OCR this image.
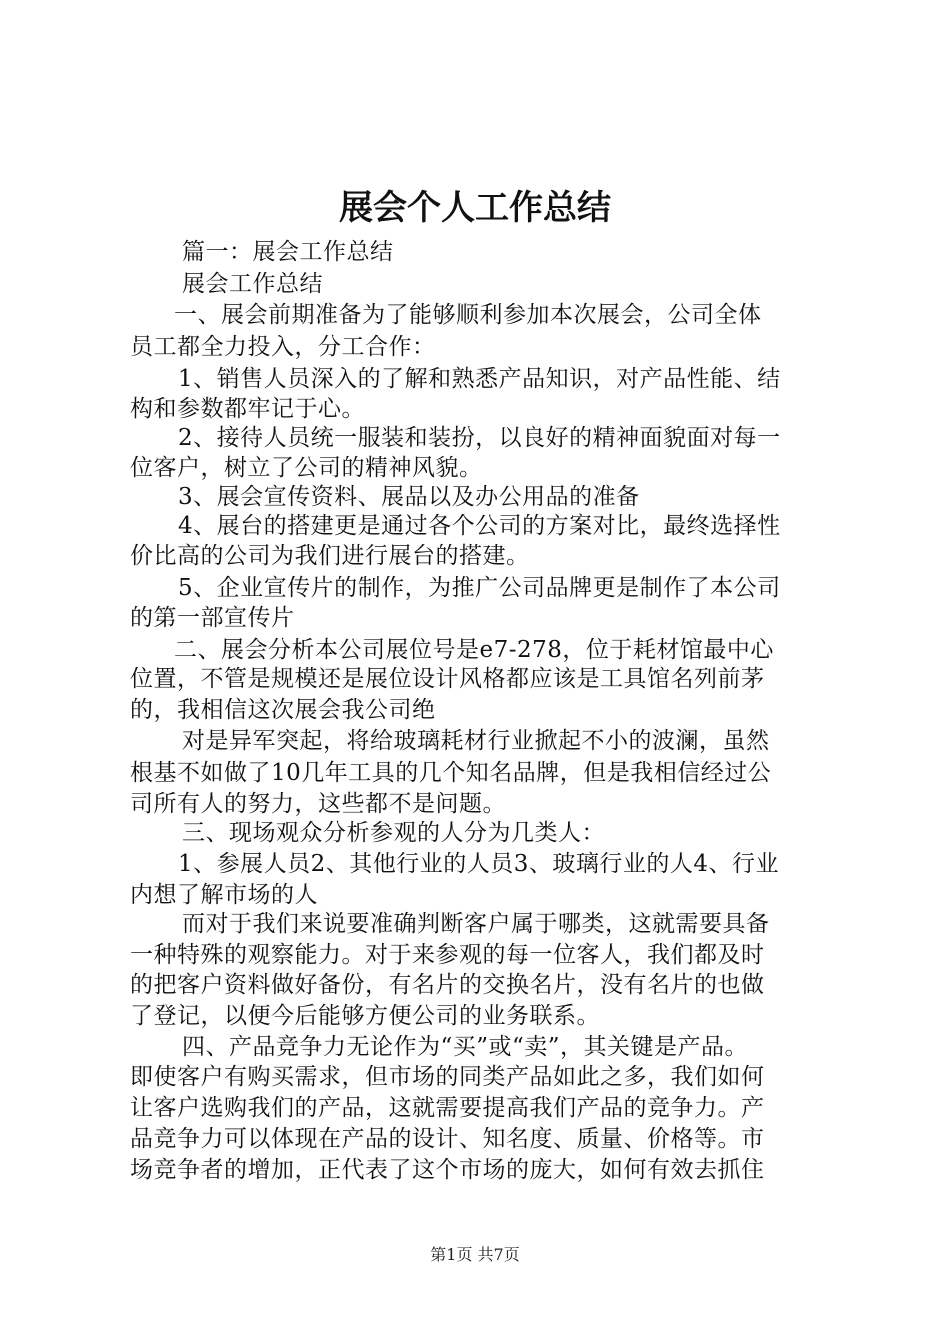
展会个人工作总结
篇一：展会工作总结
展会工作总结
一、展会前期准备为了能够顺利参加本次展会，公司全体
员工都全力投入，分工合作：
1、销售人员深入的了解和熟悉产品知识，对产品性能、结
构和参数都牢记于心。
2、接待人员统一服装和装扮，以良好的精神面貌面对每一
位客户，树立了公司的精神风貌。
3、展会宣传资料、展品以及办公用品的准备
4、展台的搭建更是通过各个公司的方案对比，最终选择性
价比高的公司为我们进行展台的搭建。
5、企业宣传片的制作，为推广公司品牌更是制作了本公司
的第一部宣传片
二、展会分析本公司展位号是e7-278，位于耗材馆最中心
位置，不管是规模还是展位设计风格都应该是工具馆名列前茅
的，我相信这次展会我公司绝
对是异军突起，将给玻璃耗材行业掀起不小的波澜，虽然
根基不如做了10几年工具的几个知名品牌，但是我相信经过公
司所有人的努力，这些都不是问题。
三、现场观众分析参观的人分为几类人：
1、参展人员2、其他行业的人员3、玻璃行业的人4、行业
内想了解市场的人
而对于我们来说要准确判断客户属于哪类，这就需要具备
一种特殊的观察能力。对于来参观的每一位客人，我们都及时
的把客户资料做好备份，有名片的交换名片，没有名片的也做
了登记，以便今后能够方便公司的业务联系。
四、产品竞争力无论作为“买”或“卖”，其关键是产品。
即使客户有购买需求，但市场的同类产品如此之多，我们如何
让客户选购我们的产品，这就需要提高我们产品的竞争力。产
品竞争力可以体现在产品的设计、知名度、质量、价格等。市
场竞争者的增加，正代表了这个市场的庞大，如何有效去抓住
第1页 共7页
